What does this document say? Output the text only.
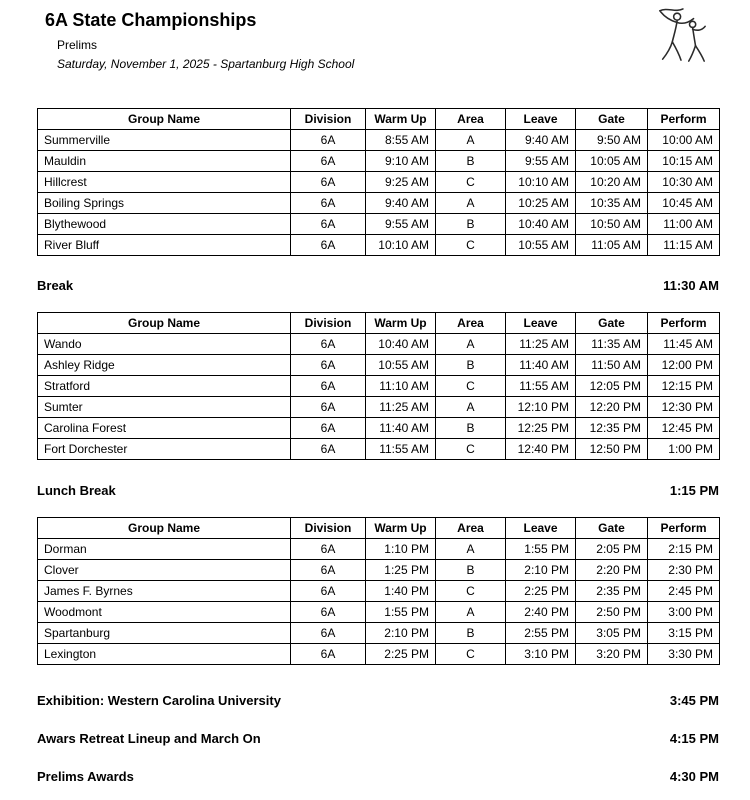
6A State Championships
Prelims
Saturday, November 1, 2025 - Spartanburg High School
Group Name	Division	Warm Up	Area	Leave	Gate	Perform
Summerville	6A	8:55 AM	A	9:40 AM	9:50 AM	10:00 AM
Mauldin	6A	9:10 AM	B	9:55 AM	10:05 AM	10:15 AM
Hillcrest	6A	9:25 AM	C	10:10 AM	10:20 AM	10:30 AM
Boiling Springs	6A	9:40 AM	A	10:25 AM	10:35 AM	10:45 AM
Blythewood	6A	9:55 AM	B	10:40 AM	10:50 AM	11:00 AM
River Bluff	6A	10:10 AM	C	10:55 AM	11:05 AM	11:15 AM
Break	11:30 AM
Group Name	Division	Warm Up	Area	Leave	Gate	Perform
Wando	6A	10:40 AM	A	11:25 AM	11:35 AM	11:45 AM
Ashley Ridge	6A	10:55 AM	B	11:40 AM	11:50 AM	12:00 PM
Stratford	6A	11:10 AM	C	11:55 AM	12:05 PM	12:15 PM
Sumter	6A	11:25 AM	A	12:10 PM	12:20 PM	12:30 PM
Carolina Forest	6A	11:40 AM	B	12:25 PM	12:35 PM	12:45 PM
Fort Dorchester	6A	11:55 AM	C	12:40 PM	12:50 PM	1:00 PM
Lunch Break	1:15 PM
Group Name	Division	Warm Up	Area	Leave	Gate	Perform
Dorman	6A	1:10 PM	A	1:55 PM	2:05 PM	2:15 PM
Clover	6A	1:25 PM	B	2:10 PM	2:20 PM	2:30 PM
James F. Byrnes	6A	1:40 PM	C	2:25 PM	2:35 PM	2:45 PM
Woodmont	6A	1:55 PM	A	2:40 PM	2:50 PM	3:00 PM
Spartanburg	6A	2:10 PM	B	2:55 PM	3:05 PM	3:15 PM
Lexington	6A	2:25 PM	C	3:10 PM	3:20 PM	3:30 PM
Exhibition: Western Carolina University	3:45 PM
Awars Retreat Lineup and March On	4:15 PM
Prelims Awards	4:30 PM
